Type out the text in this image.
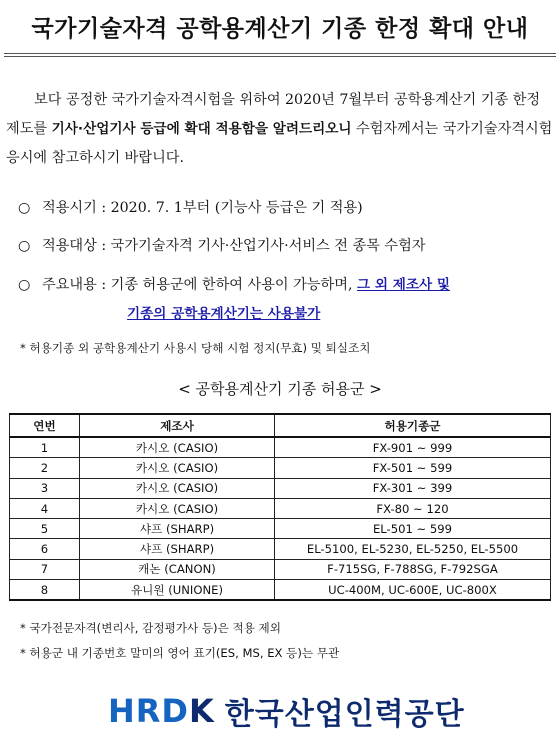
국가기술자격 공학용계산기 기종 한정 확대 안내
보다 공정한 국가기술자격시험을 위하여 2020년 7월부터 공학용계산기 기종 한정 제도를 기사·산업기사 등급에 확대 적용함을 알려드리오니 수험자께서는 국가기술자격시험 응시에 참고하시기 바랍니다.
○ 적용시기 : 2020. 7. 1부터 (기능사 등급은 기 적용)
○ 적용대상 : 국가기술자격 기사·산업기사·서비스 전 종목 수험자
○ 주요내용 : 기종 허용군에 한하여 사용이 가능하며, 그 외 제조사 및
기종의 공학용계산기는 사용불가
* 허용기종 외 공학용계산기 사용시 당해 시험 정지(무효) 및 퇴실조치
< 공학용계산기 기종 허용군 >
연번	제조사	허용기종군
1	카시오 (CASIO)	FX-901 ~ 999
2	카시오 (CASIO)	FX-501 ~ 599
3	카시오 (CASIO)	FX-301 ~ 399
4	카시오 (CASIO)	FX-80 ~ 120
5	샤프 (SHARP)	EL-501 ~ 599
6	샤프 (SHARP)	EL-5100, EL-5230, EL-5250, EL-5500
7	캐논 (CANON)	F-715SG, F-788SG, F-792SGA
8	유니원 (UNIONE)	UC-400M, UC-600E, UC-800X
* 국가전문자격(변리사, 감정평가사 등)은 적용 제외
* 허용군 내 기종번호 말미의 영어 표기(ES, MS, EX 등)는 무관
HRDK 한국산업인력공단
